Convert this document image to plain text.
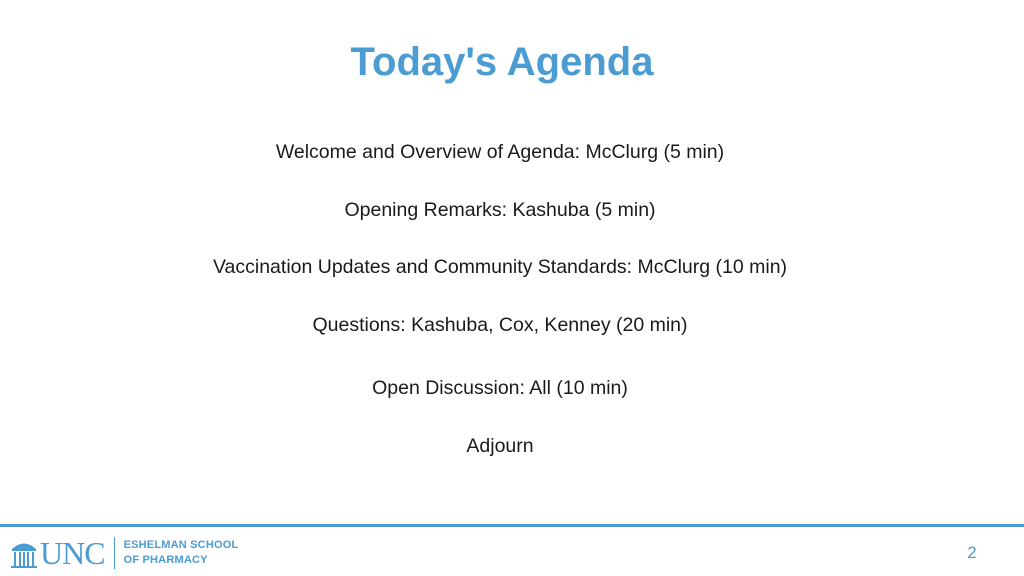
Today's Agenda
Welcome and Overview of Agenda: McClurg (5 min)
Opening Remarks: Kashuba (5 min)
Vaccination Updates and Community Standards: McClurg (10 min)
Questions: Kashuba, Cox, Kenney (20 min)
Open Discussion: All (10 min)
Adjourn
UNC ESHELMAN SCHOOL
OF PHARMACY	2
